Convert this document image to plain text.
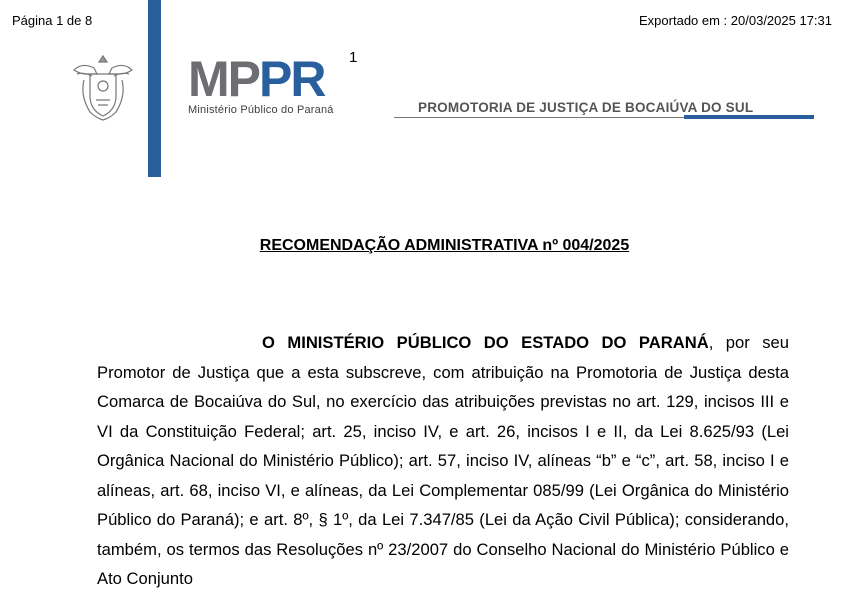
Página 1 de 8	Exportado em : 20/03/2025 17:31
MPPR
Ministério Público do Paraná
1
PROMOTORIA DE JUSTIÇA DE BOCAIÚVA DO SUL
RECOMENDAÇÃO ADMINISTRATIVA nº 004/2025

O MINISTÉRIO PÚBLICO DO ESTADO DO PARANÁ, por seu Promotor de Justiça que a esta subscreve, com atribuição na Promotoria de Justiça desta Comarca de Bocaiúva do Sul, no exercício das atribuições previstas no art. 129, incisos III e VI da Constituição Federal; art. 25, inciso IV, e art. 26, incisos I e II, da Lei 8.625/93 (Lei Orgânica Nacional do Ministério Público); art. 57, inciso IV, alíneas “b” e “c”, art. 58, inciso I e alíneas, art. 68, inciso VI, e alíneas, da Lei Complementar 085/99 (Lei Orgânica do Ministério Público do Paraná); e art. 8º, § 1º, da Lei 7.347/85 (Lei da Ação Civil Pública); considerando, também, os termos das Resoluções nº 23/2007 do Conselho Nacional do Ministério Público e Ato Conjunto
